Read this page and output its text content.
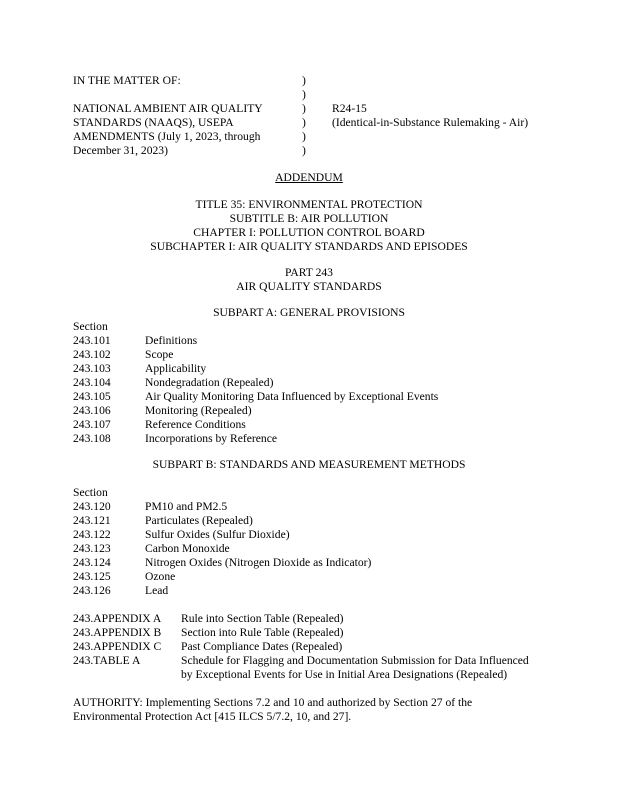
IN THE MATTER OF:
NATIONAL AMBIENT AIR QUALITY
STANDARDS (NAAQS), USEPA
AMENDMENTS (July 1, 2023, through
December 31, 2023)
)
)
)
)
)
)
R24-15
(Identical-in-Substance Rulemaking - Air)
ADDENDUM
TITLE 35: ENVIRONMENTAL PROTECTION
SUBTITLE B: AIR POLLUTION
CHAPTER I: POLLUTION CONTROL BOARD
SUBCHAPTER I: AIR QUALITY STANDARDS AND EPISODES
PART 243
AIR QUALITY STANDARDS
SUBPART A: GENERAL PROVISIONS
Section
243.101	Definitions
243.102	Scope
243.103	Applicability
243.104	Nondegradation (Repealed)
243.105	Air Quality Monitoring Data Influenced by Exceptional Events
243.106	Monitoring (Repealed)
243.107	Reference Conditions
243.108	Incorporations by Reference
SUBPART B: STANDARDS AND MEASUREMENT METHODS
Section
243.120	PM10 and PM2.5
243.121	Particulates (Repealed)
243.122	Sulfur Oxides (Sulfur Dioxide)
243.123	Carbon Monoxide
243.124	Nitrogen Oxides (Nitrogen Dioxide as Indicator)
243.125	Ozone
243.126	Lead
243.APPENDIX A Rule into Section Table (Repealed)
243.APPENDIX B Section into Rule Table (Repealed)
243.APPENDIX C Past Compliance Dates (Repealed)
243.TABLE A	Schedule for Flagging and Documentation Submission for Data Influenced
by Exceptional Events for Use in Initial Area Designations (Repealed)
AUTHORITY: Implementing Sections 7.2 and 10 and authorized by Section 27 of the
Environmental Protection Act [415 ILCS 5/7.2, 10, and 27].
